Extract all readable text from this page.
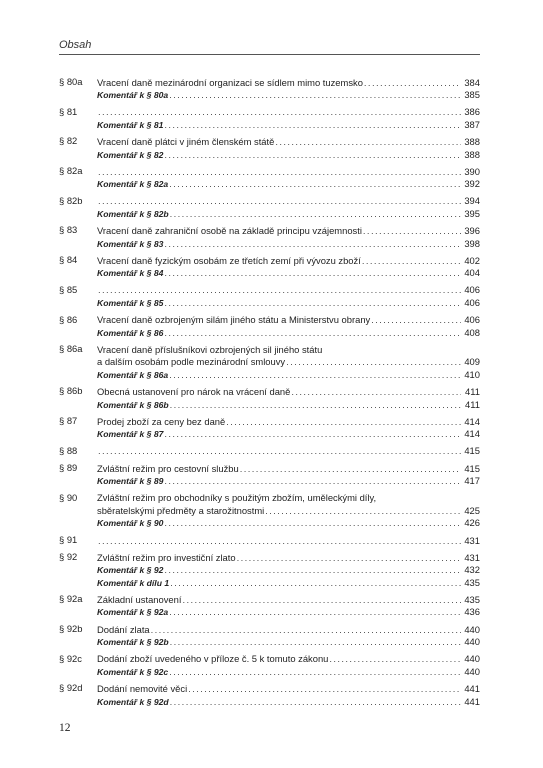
Obsah
§ 80a	Vracení daně mezinárodní organizaci se sídlem mimo tuzemsko . . .	384
Komentář k § 80a . . .	385
§ 81 . . .	386
Komentář k § 81 . . .	387
§ 82	Vracení daně plátci v jiném členském státě . . .	388
Komentář k § 82 . . .	388
§ 82a . . .	390
Komentář k § 82a . . .	392
§ 82b . . .	394
Komentář k § 82b . . .	395
§ 83	Vracení daně zahraniční osobě na základě principu vzájemnosti . . .	396
Komentář k § 83 . . .	398
§ 84	Vracení daně fyzickým osobám ze třetích zemí při vývozu zboží . . .	402
Komentář k § 84 . . .	404
§ 85 . . .	406
Komentář k § 85 . . .	406
§ 86	Vracení daně ozbrojeným silám jiného státu a Ministerstvu obrany . . .	406
Komentář k § 86 . . .	408
§ 86a	Vracení daně příslušníkovi ozbrojených sil jiného státu
a dalším osobám podle mezinárodní smlouvy . . .	409
Komentář k § 86a . . .	410
§ 86b	Obecná ustanovení pro nárok na vrácení daně . . .	411
Komentář k § 86b . . .	411
§ 87	Prodej zboží za ceny bez daně . . .	414
Komentář k § 87 . . .	414
§ 88 . . .	415
§ 89	Zvláštní režim pro cestovní službu . . .	415
Komentář k § 89 . . .	417
§ 90	Zvláštní režim pro obchodníky s použitým zbožím, uměleckými díly,
sběratelskými předměty a starožitnostmi . . .	425
Komentář k § 90 . . .	426
§ 91 . . .	431
§ 92	Zvláštní režim pro investiční zlato . . .	431
Komentář k § 92 . . .	432
Komentář k dílu 1 . . .	435
§ 92a	Základní ustanovení . . .	435
Komentář k § 92a . . .	436
§ 92b	Dodání zlata . . .	440
Komentář k § 92b . . .	440
§ 92c	Dodání zboží uvedeného v příloze č. 5 k tomuto zákonu . . .	440
Komentář k § 92c . . .	440
§ 92d	Dodání nemovité věci . . .	441
Komentář k § 92d . . .	441
12
